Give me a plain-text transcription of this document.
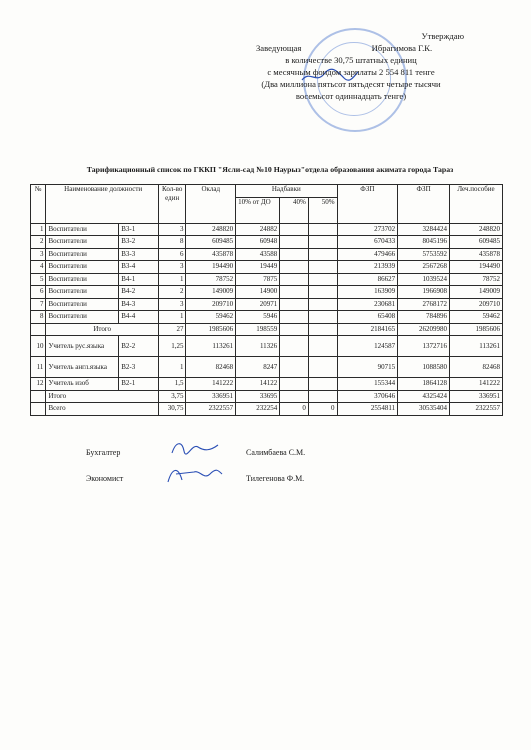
Утверждаю
Заведующая	Ибрагимова Г.К.
в количестве 30,75 штатных единиц
с месячным фондом зарплаты 2 554 811 тенге
(Два миллиона пятьсот пятьдесят четыре тысячи
восемьсот одиннадцать тенге)
Тарификационный список по ГККП "Ясли-сад №10 Наурыз"отдела образования акимата города Тараз
№	Наименование должности		Кол-во един	Оклад	Надбавки			ФЗП	ФЗП	Леч.пособие
					10% от ДО	40%	50%			
1	Воспитатели	В3-1	3	248820	24882			273702	3284424	248820
2	Воспитатели	В3-2	8	609485	60948			670433	8045196	609485
3	Воспитатели	В3-3	6	435878	43588			479466	5753592	435878
4	Воспитатели	В3-4	3	194490	19449			213939	2567268	194490
5	Воспитатели	В4-1	1	78752	7875			86627	1039524	78752
6	Воспитатели	В4-2	2	149009	14900			163909	1966908	149009
7	Воспитатели	В4-3	3	209710	20971			230681	2768172	209710
8	Воспитатели	В4-4	1	59462	5946			65408	784896	59462
	Итого		27	1985606	198559			2184165	26209980	1985606
10	Учитель рус.языка	В2-2	1,25	113261	11326			124587	1372716	113261
11	Учитель англ.языка	В2-3	1	82468	8247			90715	1088580	82468
12	Учитель изоб	В2-1	1,5	141222	14122			155344	1864128	141222
	Итого		3,75	336951	33695			370646	4325424	336951
	Всего		30,75	2322557	232254	0	0	2554811	30535404	2322557
Бухгалтер	Салимбаева С.М.
Экономист	Тилегенова Ф.М.
